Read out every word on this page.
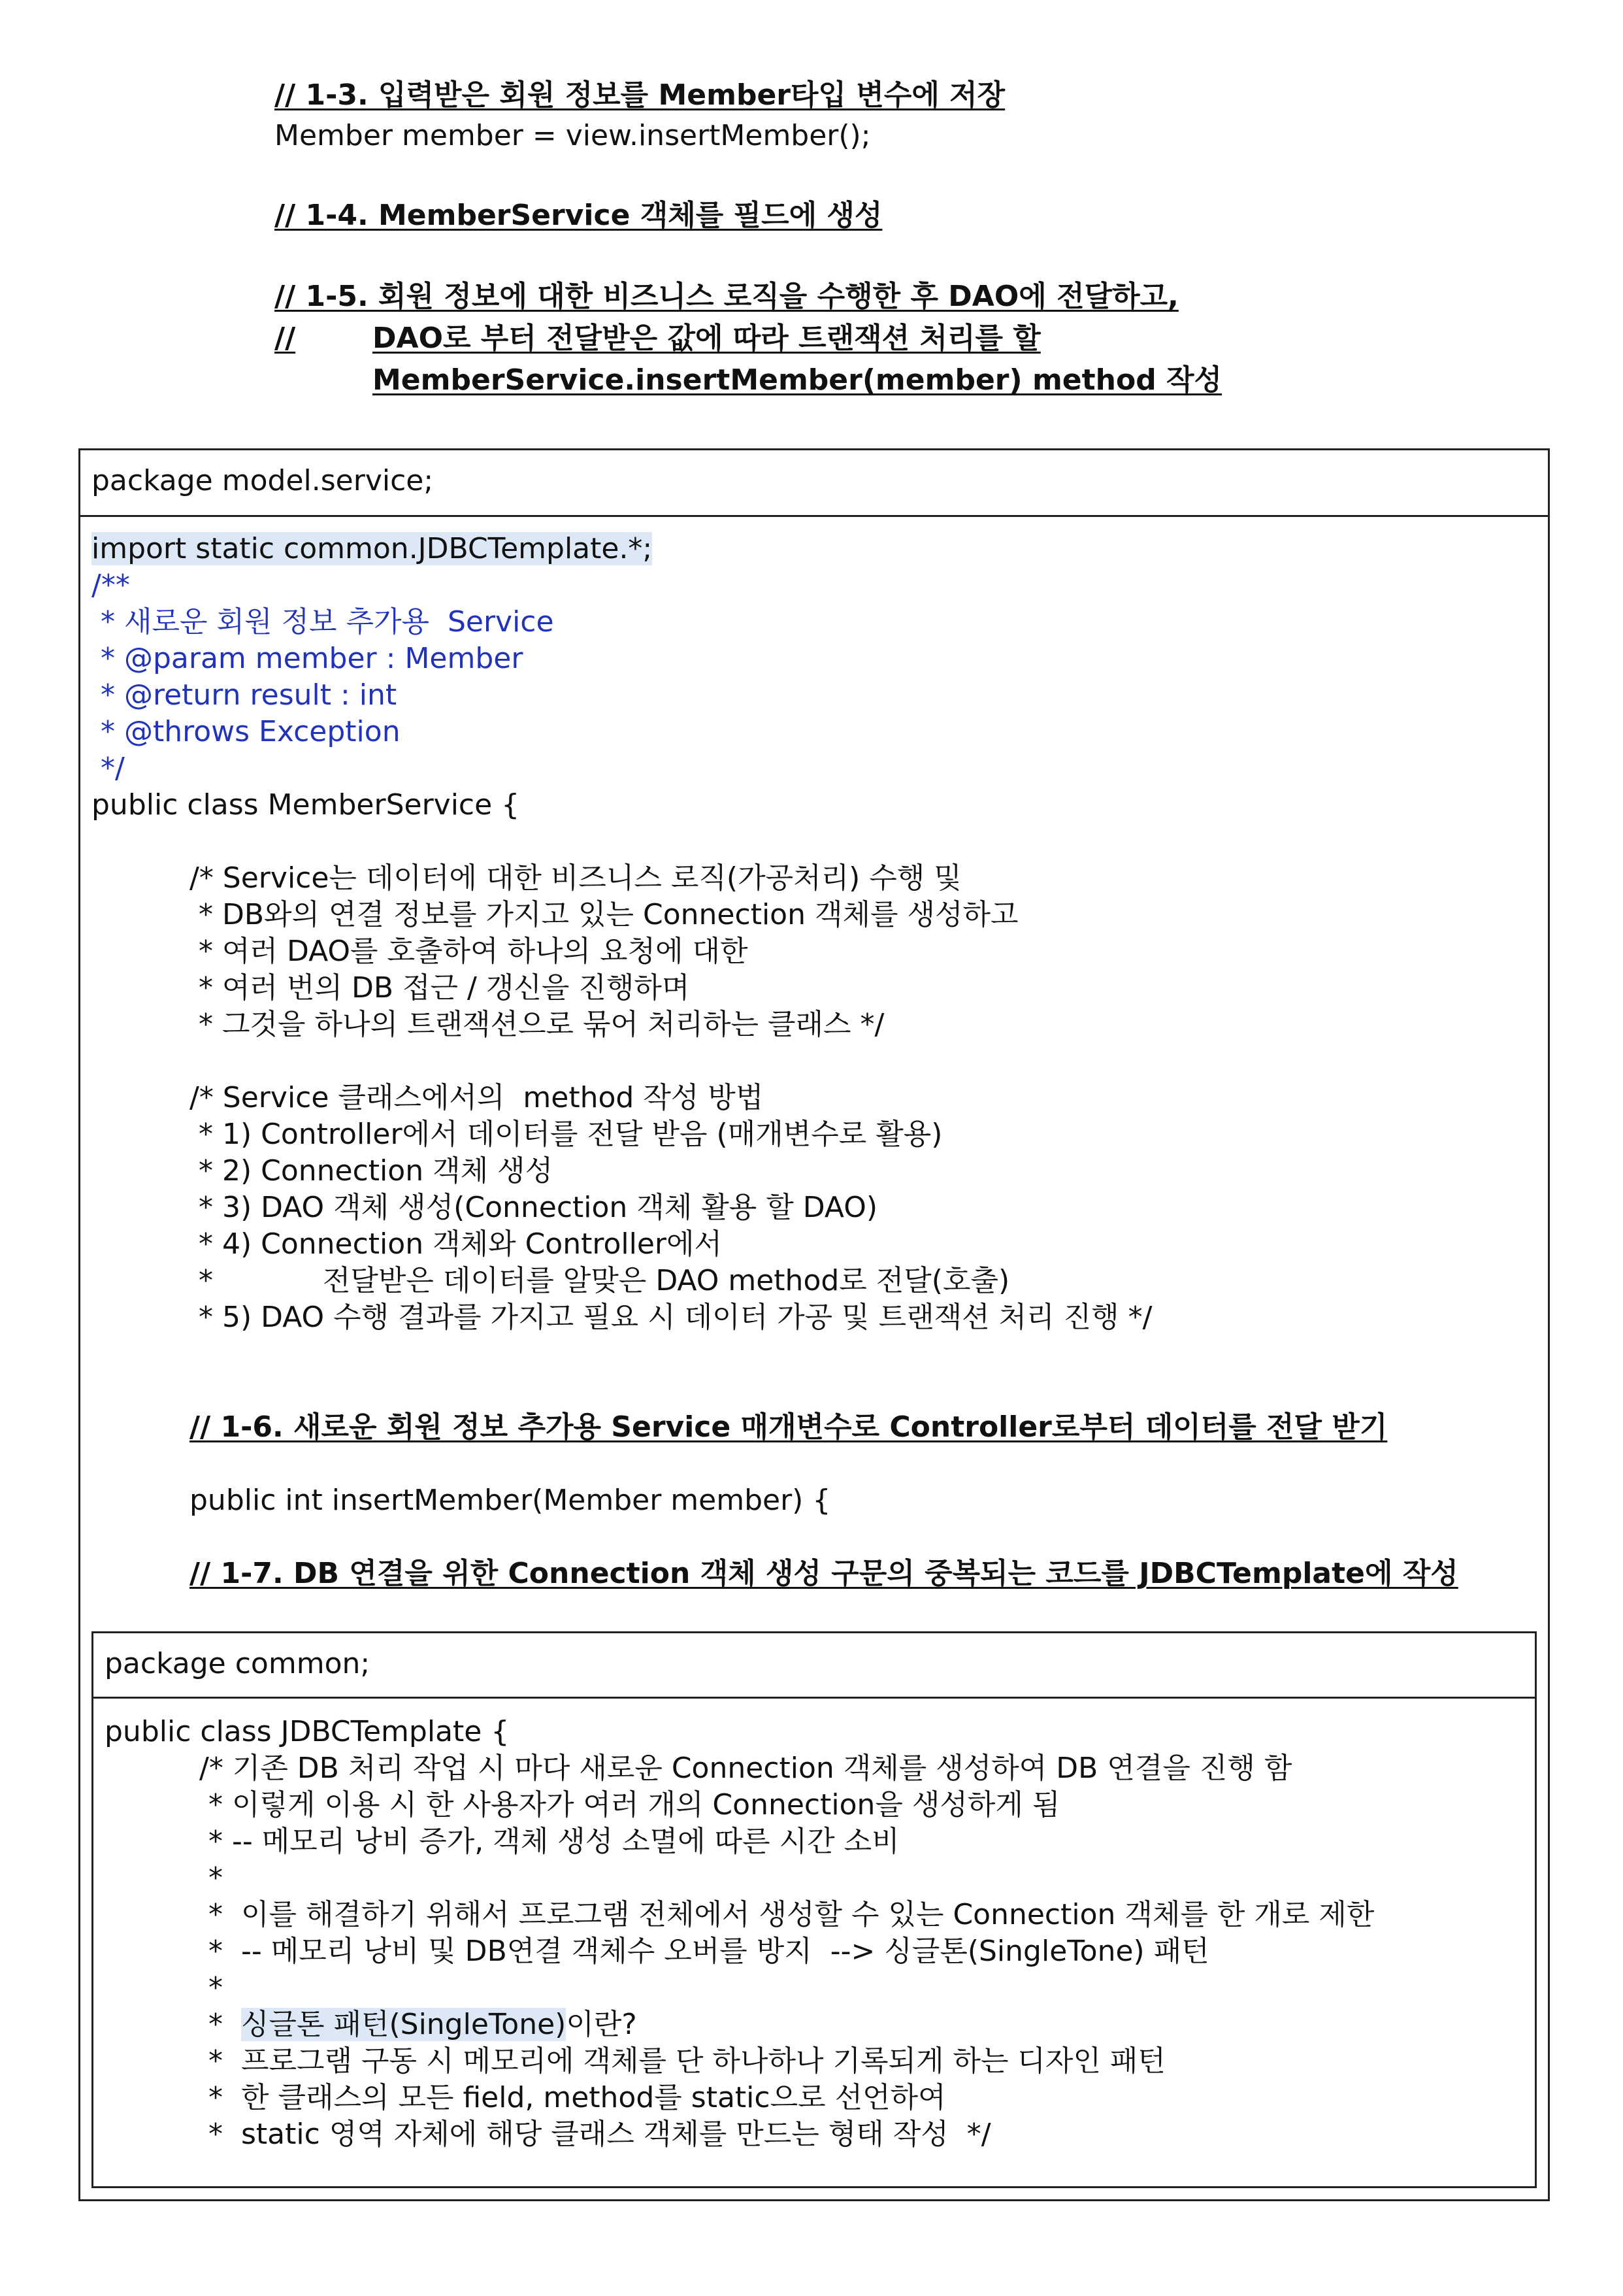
// 1-3. 입력받은 회원 정보를 Member타입 변수에 저장
Member member = view.insertMember();
// 1-4. MemberService 객체를 필드에 생성
// 1-5. 회원 정보에 대한 비즈니스 로직을 수행한 후 DAO에 전달하고,
//	DAO로 부터 전달받은 값에 따라 트랜잭션 처리를 할
MemberService.insertMember(member) method 작성
package model.service;
import static common.JDBCTemplate.*;
/**
* 새로운 회원 정보 추가용  Service
* @param member : Member
* @return result : int
* @throws Exception
*/
public class MemberService {
/* Service는 데이터에 대한 비즈니스 로직(가공처리) 수행 및
* DB와의 연결 정보를 가지고 있는 Connection 객체를 생성하고
* 여러 DAO를 호출하여 하나의 요청에 대한
* 여러 번의 DB 접근 / 갱신을 진행하며
* 그것을 하나의 트랜잭션으로 묶어 처리하는 클래스 */
/* Service 클래스에서의  method 작성 방법
* 1) Controller에서 데이터를 전달 받음 (매개변수로 활용)
* 2) Connection 객체 생성
* 3) DAO 객체 생성(Connection 객체 활용 할 DAO)
* 4) Connection 객체와 Controller에서
*            전달받은 데이터를 알맞은 DAO method로 전달(호출)
* 5) DAO 수행 결과를 가지고 필요 시 데이터 가공 및 트랜잭션 처리 진행 */
// 1-6. 새로운 회원 정보 추가용 Service 매개변수로 Controller로부터 데이터를 전달 받기
public int insertMember(Member member) {
// 1-7. DB 연결을 위한 Connection 객체 생성 구문의 중복되는 코드를 JDBCTemplate에 작성
package common;
public class JDBCTemplate {
/* 기존 DB 처리 작업 시 마다 새로운 Connection 객체를 생성하여 DB 연결을 진행 함
* 이렇게 이용 시 한 사용자가 여러 개의 Connection을 생성하게 됨
* -- 메모리 낭비 증가, 객체 생성 소멸에 따른 시간 소비
*
*  이를 해결하기 위해서 프로그램 전체에서 생성할 수 있는 Connection 객체를 한 개로 제한
*  -- 메모리 낭비 및 DB연결 객체수 오버를 방지  --> 싱글톤(SingleTone) 패턴
*
*  싱글톤 패턴(SingleTone)이란?
*  프로그램 구동 시 메모리에 객체를 단 하나하나 기록되게 하는 디자인 패턴
*  한 클래스의 모든 field, method를 static으로 선언하여
*  static 영역 자체에 해당 클래스 객체를 만드는 형태 작성  */
